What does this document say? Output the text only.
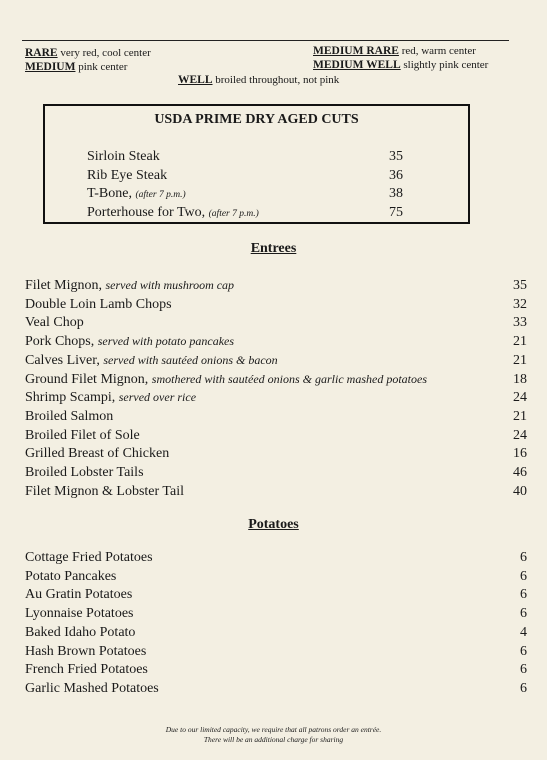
RARE very red, cool center
MEDIUM pink center
MEDIUM RARE red, warm center
MEDIUM WELL slightly pink center
WELL broiled throughout, not pink
USDA PRIME DRY AGED CUTS
Sirloin Steak	35
Rib Eye Steak	36
T-Bone, (after 7 p.m.)	38
Porterhouse for Two, (after 7 p.m.)	75
Entrees
Filet Mignon, served with mushroom cap	35
Double Loin Lamb Chops	32
Veal Chop	33
Pork Chops, served with potato pancakes	21
Calves Liver, served with sautéed onions & bacon	21
Ground Filet Mignon, smothered with sautéed onions & garlic mashed potatoes	18
Shrimp Scampi, served over rice	24
Broiled Salmon	21
Broiled Filet of Sole	24
Grilled Breast of Chicken	16
Broiled Lobster Tails	46
Filet Mignon & Lobster Tail	40
Potatoes
Cottage Fried Potatoes	6
Potato Pancakes	6
Au Gratin Potatoes	6
Lyonnaise Potatoes	6
Baked Idaho Potato	4
Hash Brown Potatoes	6
French Fried Potatoes	6
Garlic Mashed Potatoes	6
Due to our limited capacity, we require that all patrons order an entrée.
There will be an additional charge for sharing
